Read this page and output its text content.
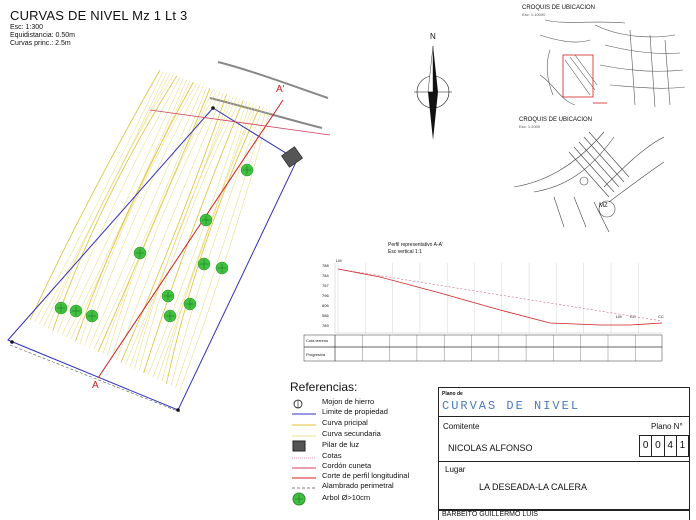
CURVAS DE NIVEL Mz 1 Lt 3
Esc: 1:300
Equidistancia: 0.50m
Curvas princ.: 2.5m
A'
A
N
CROQUIS DE UBICACION
Esc: 1:10000
CROQUIS DE UBICACION
Esc: 1:2000
MZ
Perfil representativo A-A'
Esc vertical 1:1
Cota terreno
Progresiva
LM
LM CC	CC
788
784
757
796
606
586
789
Referencias:
Mojon de hierro
Limite de propiedad
Curva pricipal
Curva secundaria
Pilar de luz
Cotas
Cordón cuneta
Corte de perfil longitudinal
Alambrado perimetral
Arbol Ø>10cm
Plano de
CURVAS DE NIVEL
Comitente	Plano N°
NICOLAS ALFONSO	0 0 4 1
Lugar
LA DESEADA-LA CALERA
BARBEITO GUILLERMO LUIS
